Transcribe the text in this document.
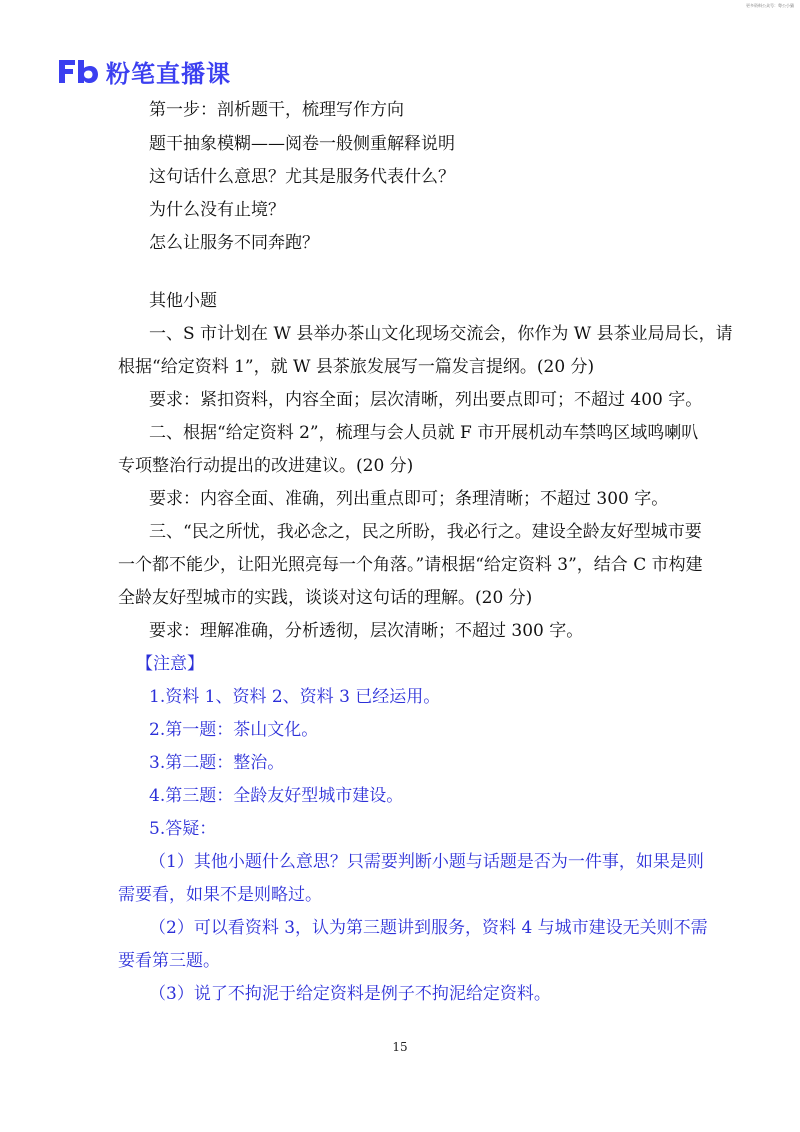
更多资料公众号：粤公小猫
粉笔直播课
第一步：剖析题干，梳理写作方向
题干抽象模糊——阅卷一般侧重解释说明
这句话什么意思？尤其是服务代表什么？
为什么没有止境？
怎么让服务不同奔跑？
其他小题
一、S 市计划在 W 县举办茶山文化现场交流会，你作为 W 县茶业局局长，请
根据“给定资料 1”，就 W 县茶旅发展写一篇发言提纲。(20 分)
要求：紧扣资料，内容全面；层次清晰，列出要点即可；不超过 400 字。
二、根据“给定资料 2”，梳理与会人员就 F 市开展机动车禁鸣区域鸣喇叭
专项整治行动提出的改进建议。(20 分)
要求：内容全面、准确，列出重点即可；条理清晰；不超过 300 字。
三、“民之所忧，我必念之，民之所盼，我必行之。建设全龄友好型城市要
一个都不能少，让阳光照亮每一个角落。”请根据“给定资料 3”，结合 C 市构建
全龄友好型城市的实践，谈谈对这句话的理解。(20 分)
要求：理解准确，分析透彻，层次清晰；不超过 300 字。
【注意】
1.资料 1、资料 2、资料 3 已经运用。
2.第一题：茶山文化。
3.第二题：整治。
4.第三题：全龄友好型城市建设。
5.答疑：
（1）其他小题什么意思？只需要判断小题与话题是否为一件事，如果是则
需要看，如果不是则略过。
（2）可以看资料 3，认为第三题讲到服务，资料 4 与城市建设无关则不需
要看第三题。
（3）说了不拘泥于给定资料是例子不拘泥给定资料。
15
